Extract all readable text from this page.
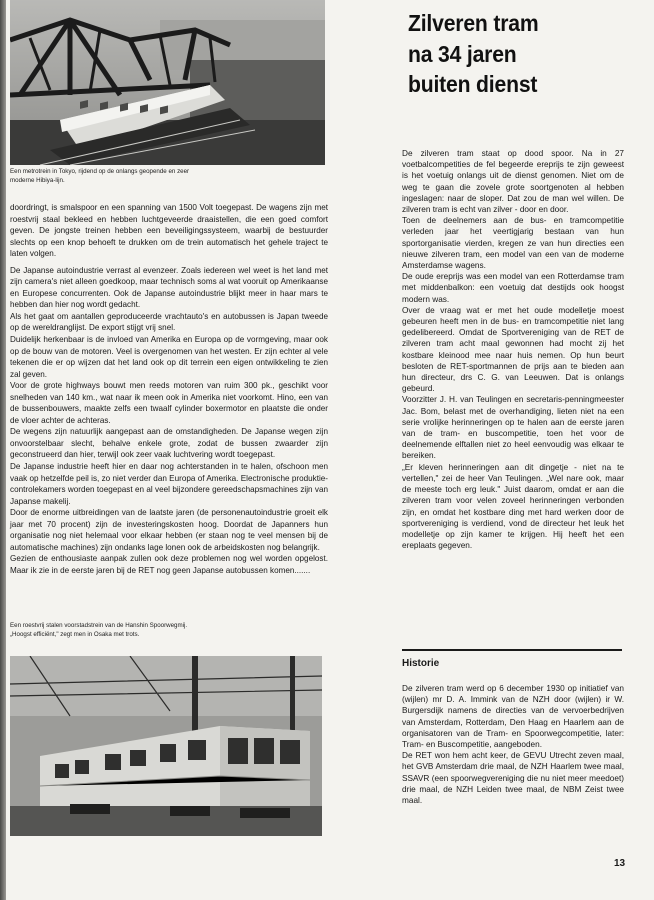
Een metrotrein in Tokyo, rijdend op de onlangs geopende en zeer moderne Hibiya-lijn.

doordringt, is smalspoor en een spanning van 1500 Volt toegepast. De wagens zijn met roestvrij staal bekleed en hebben luchtgeveerde draaistellen, die een goed comfort geven. De jongste treinen hebben een beveiligingssysteem, waarbij de bestuurder slechts op een knop behoeft te drukken om de trein automatisch het gehele traject te laten volgen.

De Japanse autoindustrie verrast al evenzeer. Zoals iedereen wel weet is het land met zijn camera's niet alleen goedkoop, maar technisch soms al wat vooruit op Amerikaanse en Europese concurrenten. Ook de Japanse autoindustrie blijkt meer in haar mars te hebben dan hier nog wordt gedacht.

Als het gaat om aantallen geproduceerde vrachtauto's en autobussen is Japan tweede op de wereldranglijst. De export stijgt vrij snel.

Duidelijk herkenbaar is de invloed van Amerika en Europa op de vormgeving, maar ook op de bouw van de motoren. Veel is overgenomen van het westen. Er zijn echter al vele tekenen die er op wijzen dat het land ook op dit terrein een eigen ontwikkeling te zien zal geven.

Voor de grote highways bouwt men reeds motoren van ruim 300 pk., geschikt voor snelheden van 140 km., wat naar ik meen ook in Amerika niet voorkomt. Hino, een van de bussenbouwers, maakte zelfs een twaalf cylinder boxermotor en plaatste die onder de vloer achter de achteras.

De wegens zijn natuurlijk aangepast aan de omstandigheden. De Japanse wegen zijn onvoorstelbaar slecht, behalve enkele grote, zodat de bussen zwaarder zijn geconstrueerd dan hier, terwijl ook zeer vaak luchtvering wordt toegepast.

De Japanse industrie heeft hier en daar nog achterstanden in te halen, ofschoon men vaak op hetzelfde peil is, zo niet verder dan Europa of Amerika. Electronische produktie-controlekamers worden toegepast en al veel bijzondere gereedschapsmachines zijn van Japanse makelij.

Door de enorme uitbreidingen van de laatste jaren (de personenautoindustrie groeit elk jaar met 70 procent) zijn de investeringskosten hoog. Doordat de Japanners hun organisatie nog niet helemaal voor elkaar hebben (er staan nog te veel mensen bij de automatische machines) zijn ondanks lage lonen ook de arbeidskosten nog belangrijk.

Gezien de enthousiaste aanpak zullen ook deze problemen nog wel worden opgelost. Maar ik zie in de eerste jaren bij de RET nog geen Japanse autobussen komen.......

Een roestvrij stalen voorstadstrein van de Hanshin Spoorwegmij. „Hoogst efficiënt," zegt men in Osaka met trots.
Zilveren tram
na 34 jaren
buiten dienst

De zilveren tram staat op dood spoor. Na in 27 voetbalcompetities de fel begeerde ereprijs te zijn geweest is het voetuig onlangs uit de dienst genomen. Niet om de weg te gaan die zovele grote soortgenoten al hebben ingeslagen: naar de sloper. Dat zou de man wel willen. De zilveren tram is echt van zilver - door en door.

Toen de deelnemers aan de bus- en tramcompetitie verleden jaar het veertigjarig bestaan van hun sportorganisatie vierden, kregen ze van hun directies een nieuwe zilveren tram, een model van een van de moderne Amsterdamse wagens.

De oude ereprijs was een model van een Rotterdamse tram met middenbalkon: een voetuig dat destijds ook hoogst modern was.

Over de vraag wat er met het oude modelletje moest gebeuren heeft men in de bus- en tramcompetitie niet lang gedelibereerd. Omdat de Sportvereniging van de RET de zilveren tram acht maal gewonnen had mocht zij het kostbare kleinood mee naar huis nemen. Op hun beurt besloten de RET-sportmannen de prijs aan te bieden aan hun directeur, drs C. G. van Leeuwen. Dat is onlangs gebeurd.

Voorzitter J. H. van Teulingen en secretaris-penningmeester Jac. Bom, belast met de overhandiging, lieten niet na een serie vrolijke herinneringen op te halen aan de eerste jaren van de tram- en buscompetitie, toen het voor de deelnemende elftallen niet zo heel eenvoudig was elkaar te bereiken.

„Er kleven herinneringen aan dit dingetje - niet na te vertellen," zei de heer Van Teulingen. „Wel nare ook, maar de meeste toch erg leuk." Juist daarom, omdat er aan die zilveren tram voor velen zoveel herinneringen verbonden zijn, en omdat het kostbare ding met hard werken door de sportvereniging is verdiend, vond de directeur het leuk het modelletje op zijn kamer te krijgen. Hij heeft het een ereplaats gegeven.

Historie

De zilveren tram werd op 6 december 1930 op initiatief van (wijlen) mr D. A. Immink van de NZH door (wijlen) ir W. Burgersdijk namens de directies van de vervoerbedrijven van Amsterdam, Rotterdam, Den Haag en Haarlem aan de organisatoren van de Tram- en Spoorwegcompetitie, later: Tram- en Buscompetitie, aangeboden.

De RET won hem acht keer, de GEVU Utrecht zeven maal, het GVB Amsterdam drie maal, de NZH Haarlem twee maal, SSAVR (een spoorwegvereniging die nu niet meer meedoet) drie maal, de NZH Leiden twee maal, de NBM Zeist twee maal.

13
